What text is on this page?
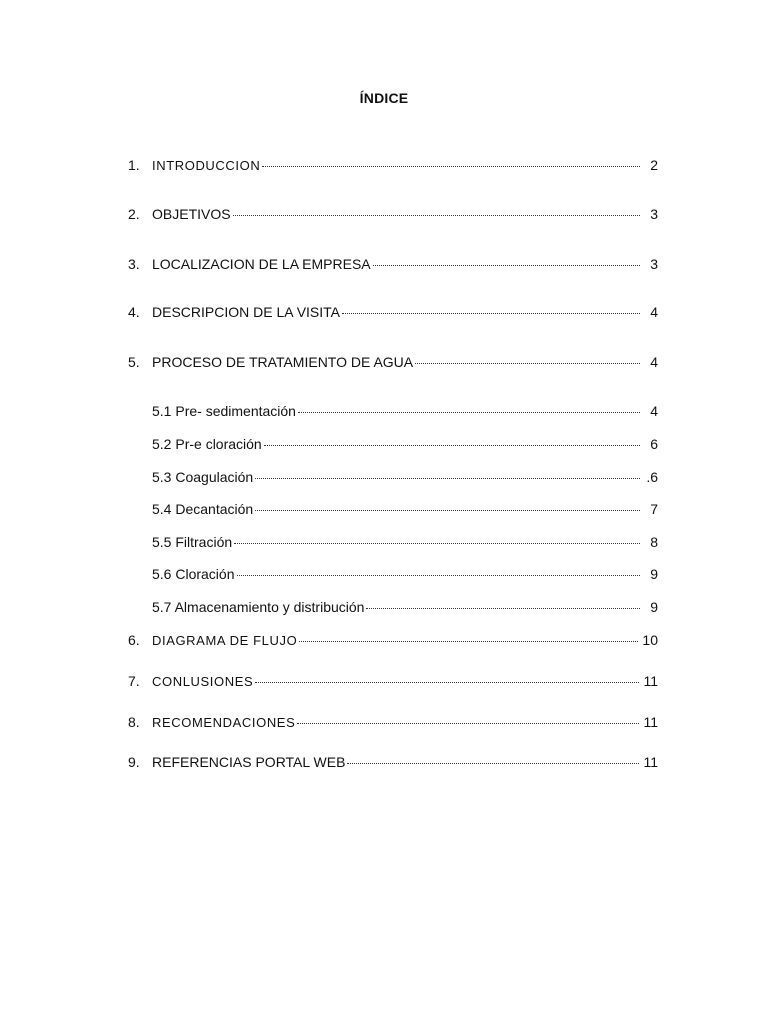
ÍNDICE
1. INTRODUCCION	2
2. OBJETIVOS	3
3. LOCALIZACION DE LA EMPRESA	3
4. DESCRIPCION DE LA VISITA	4
5. PROCESO DE TRATAMIENTO DE AGUA	4
5.1 Pre- sedimentación	4
5.2 Pr-e cloración	6
5.3 Coagulación	.6
5.4 Decantación	7
5.5 Filtración	8
5.6 Cloración	9
5.7 Almacenamiento y distribución	9
6. DIAGRAMA DE FLUJO	10
7. CONLUSIONES	11
8. RECOMENDACIONES	11
9. REFERENCIAS PORTAL WEB	11
